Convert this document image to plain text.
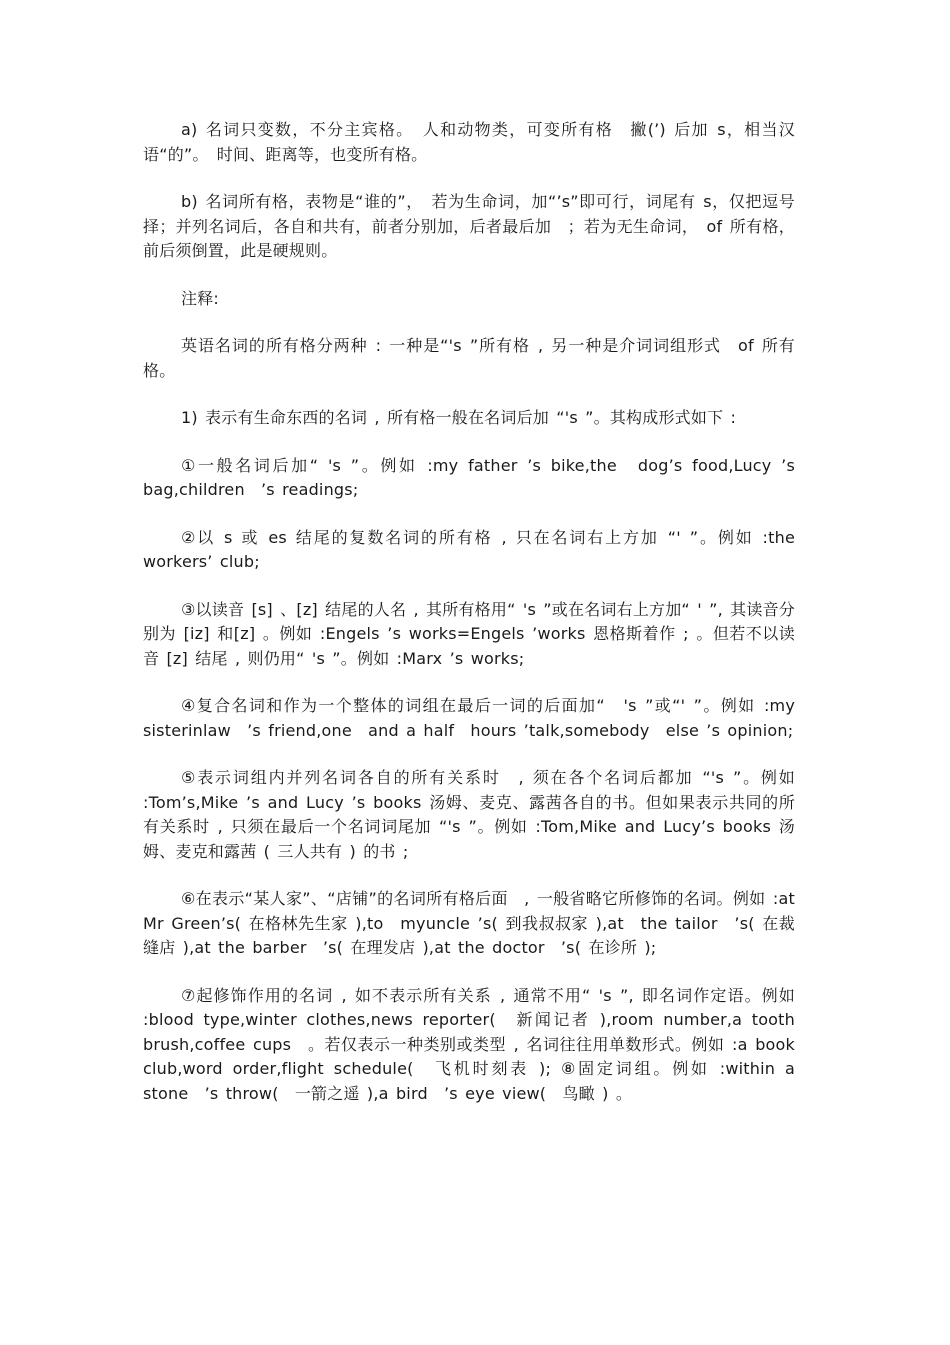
a) 名词只变数，不分主宾格。　人和动物类，可变所有格　撇(’) 后加 s，相当汉语“的”。　时间、距离等，也变所有格。

b) 名词所有格，表物是“谁的”，　若为生命词，加“’s”即可行，词尾有 s，仅把逗号择；并列名词后，各自和共有，前者分别加，后者最后加　；若为无生命词，　of 所有格，前后须倒置，此是硬规则。

注释:

英语名词的所有格分两种 : 一种是“'s ”所有格 , 另一种是介词词组形式　of 所有格。

1) 表示有生命东西的名词 , 所有格一般在名词后加 “'s ”。其构成形式如下 :

①一般名词后加“ 's ”。例如 :my father ’s bike,the　dog’s food,Lucy ’s bag,children　’s readings;

②以 s 或 es 结尾的复数名词的所有格 , 只在名词右上方加 “' ”。例如 :the workers’ club;

③以读音 [s] 、[z] 结尾的人名 , 其所有格用“ 's ”或在名词右上方加“ ' ”, 其读音分别为 [iz] 和[z] 。例如 :Engels ’s works=Engels ’works 恩格斯着作 ; 。但若不以读音 [z] 结尾 , 则仍用“ 's ”。例如 :Marx ’s works;

④复合名词和作为一个整体的词组在最后一词的后面加“　's ”或“' ”。例如 :my sisterinlaw　’s friend,one　and a half　hours ’talk,somebody　else ’s opinion;

⑤表示词组内并列名词各自的所有关系时　, 须在各个名词后都加 “'s ”。例如 :Tom’s,Mike ’s and Lucy ’s books 汤姆、麦克、露茜各自的书。但如果表示共同的所有关系时 , 只须在最后一个名词词尾加 “'s ”。例如 :Tom,Mike and Lucy’s books 汤姆、麦克和露茜 ( 三人共有 ) 的书 ;

⑥在表示“某人家”、“店铺”的名词所有格后面　, 一般省略它所修饰的名词。例如 :at　Mr Green’s( 在格林先生家 ),to　myuncle ’s( 到我叔叔家 ),at　the tailor　’s( 在裁缝店 ),at the barber　’s( 在理发店 ),at the doctor　’s( 在诊所 );

⑦起修饰作用的名词 , 如不表示所有关系 , 通常不用“ 's ”, 即名词作定语。例如 :blood type,winter clothes,news reporter(　新闻记者 ),room number,a tooth brush,coffee cups　。若仅表示一种类别或类型 , 名词往往用单数形式。例如 :a book club,word order,flight schedule(　飞机时刻表 ); ⑧固定词组。例如 :within a stone　’s throw(　一箭之遥 ),a bird　’s eye view(　鸟瞰 ) 。
